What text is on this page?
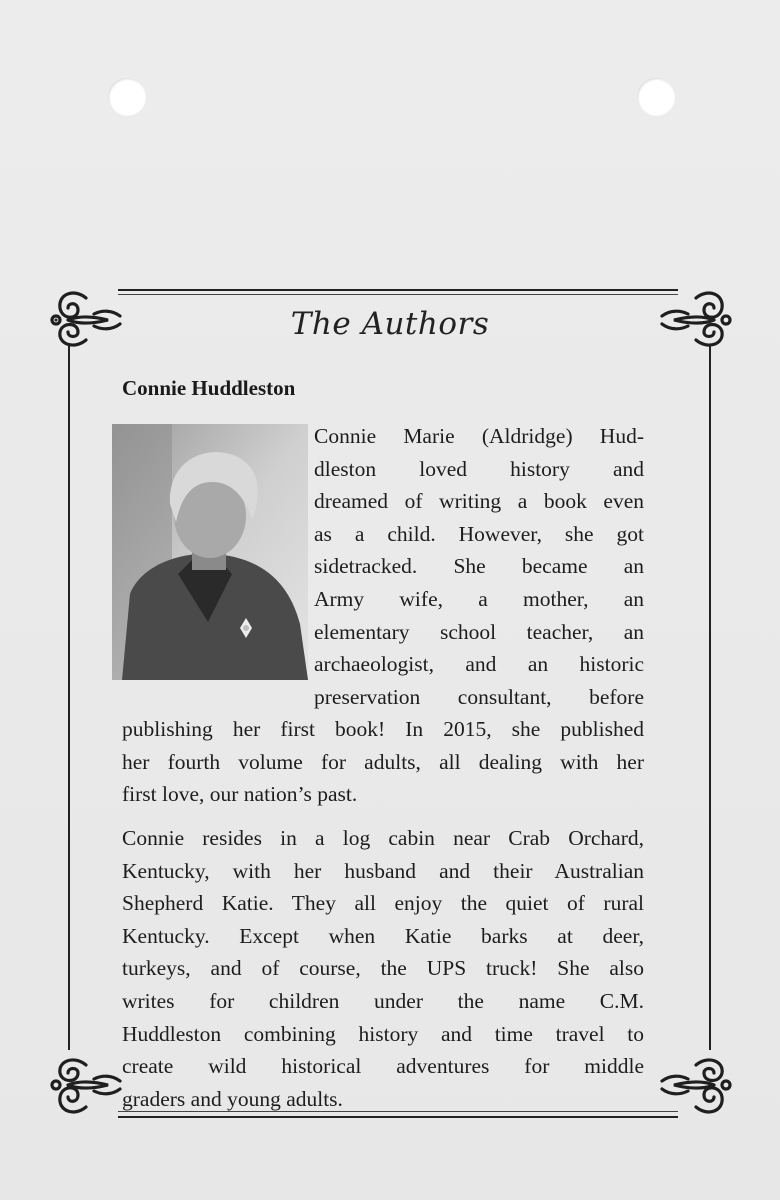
The Authors
Connie Huddleston
Connie Marie (Aldridge) Hud-
dleston loved history and
dreamed of writing a book even
as a child. However, she got
sidetracked. She became an
Army wife, a mother, an
elementary school teacher, an
archaeologist, and an historic
preservation consultant, before
publishing her first book! In 2015, she published
her fourth volume for adults, all dealing with her
first love, our nation’s past.
Connie resides in a log cabin near Crab Orchard,
Kentucky, with her husband and their Australian
Shepherd Katie. They all enjoy the quiet of rural
Kentucky. Except when Katie barks at deer,
turkeys, and of course, the UPS truck! She also
writes for children under the name C.M.
Huddleston combining history and time travel to
create wild historical adventures for middle
graders and young adults.
